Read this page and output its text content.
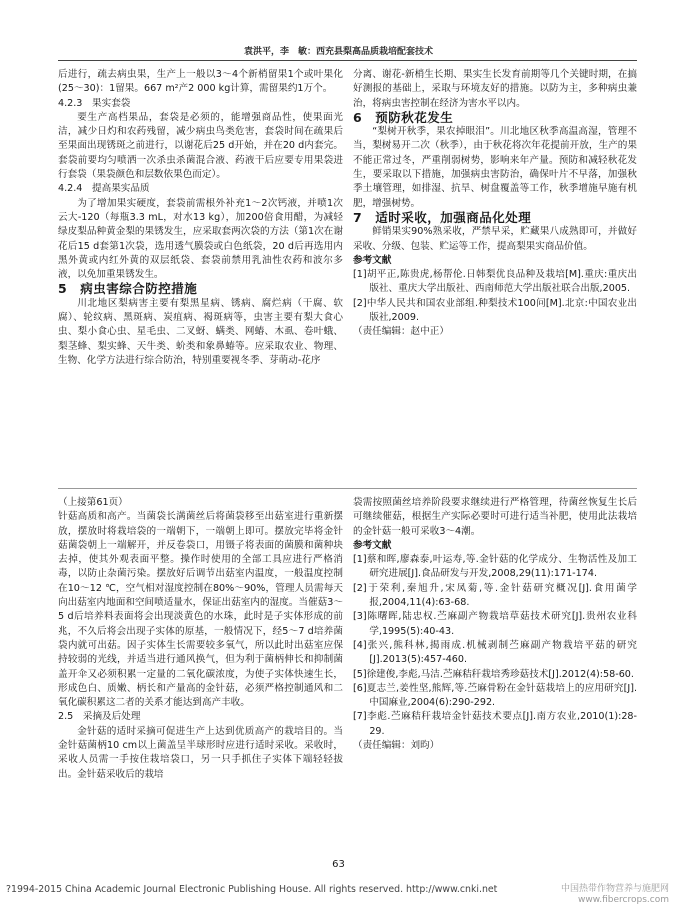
袁洪平，李　敏：西充县梨高品质栽培配套技术

后进行，疏去病虫果，生产上一般以3～4个新梢留果1个或叶果化(25～30)：1留果。667 m²产2 000 kg计算，需留果约1万个。

4.2.3　果实套袋

要生产高档果品，套袋是必须的，能增强商品性，使果面光洁，减少日灼和农药残留，减少病虫鸟类危害，套袋时间在疏果后至果面出现锈斑之前进行，以谢花后25 d开始，并在20 d内套完。套袋前要均匀喷洒一次杀虫杀菌混合液、药液干后应要专用果袋进行套袋（果袋颜色和层数依果色而定）。

4.2.4　提高果实品质

为了增加果实硬度，套袋前需根外补充1～2次钙液，并喷1次云大-120（每瓶3.3 mL，对水13 kg），加200倍食用醋，为减轻绿皮梨品种黄金梨的果锈发生，应采取套两次袋的方法（第1次在谢花后15 d套第1次袋，选用透气膜袋或白色纸袋，20 d后再选用内黑外黄或内红外黄的双层纸袋、套袋前禁用乳油性农药和波尔多液，以免加重果锈发生。

5　病虫害综合防控措施

川北地区梨病害主要有梨黑星病、锈病、腐烂病（干腐、软腐）、轮纹病、黑斑病、炭疽病、褐斑病等，虫害主要有梨大食心虫、梨小食心虫、星毛虫、二叉蚜、螨类、网蝽、木虱、卷叶蛾、梨茎蜂、梨实蜂、天牛类、蚧类和象鼻蝽等。应采取农业、物理、生物、化学方法进行综合防治，特别重要视冬季、芽萌动-花序

分离、谢花-新梢生长期、果实生长发育前期等几个关键时期，在搞好测报的基础上，采取与环境友好的措施。以防为主，多种病虫兼治，将病虫害控制在经济为害水平以内。

6　预防秋花发生

“梨树开秋季，果农掉眼泪”。川北地区秋季高温高湿，管理不当，梨树易开二次（秋季），由于秋花将次年花提前开放，生产的果不能正常过冬，严重削弱树势，影响来年产量。预防和减轻秋花发生，要采取以下措施，加强病虫害防治，确保叶片不早落，加强秋季土壤管理，如排湿、抗旱、树盘覆盖等工作，秋季增施早施有机肥，增强树势。

7　适时采收，加强商品化处理

鲜销果实90%熟采收，严禁早采，贮藏果八成熟即可，并做好采收、分级、包装、贮运等工作，提高梨果实商品价值。

参考文献

[1]胡平正,陈贵虎,杨帮伦.日韩梨优良品种及栽培[M].重庆:重庆出版社、重庆大学出版社、西南师范大学出版社联合出版,2005.

[2]中华人民共和国农业部组.种梨技术100问[M].北京:中国农业出版社,2009.

（责任编辑：赵中正）

（上接第61页）

针菇高质和高产。当菌袋长满菌丝后将菌袋移至出菇室进行重新摆放，摆放时将栽培袋的一端朝下，一端朝上即可。摆放完毕将金针菇菌袋朝上一端解开，并反卷袋口，用镊子将表面的菌膜和菌种块去掉，使其外观表面平整。操作时使用的全部工具应进行严格消毒，以防止杂菌污染。摆放好后调节出菇室内温度，一般温度控制在10～12 ℃，空气相对湿度控制在80%～90%，管理人员需每天向出菇室内地面和空间喷适量水，保证出菇室内的湿度。当催菇3～5 d后培养料表面将会出现淡黄色的水珠，此时是子实体形成的前兆，不久后将会出现子实体的原基，一般情况下，经5～7 d培养菌袋内就可出菇。因子实体生长需要较多氧气，所以此时出菇室应保持较弱的光线，并适当进行通风换气，但为利于菌柄伸长和抑制菌盖开伞又必须积累一定量的二氧化碳浓度，为使子实体快速生长，形成色白、质嫩、柄长和产量高的金针菇，必须严格控制通风和二氧化碳积累这二者的关系才能达到高产丰收。

2.5　采摘及后处理

金针菇的适时采摘可促进生产上达到优质高产的栽培目的。当金针菇菌柄10 cm以上菌盖呈半球形时应进行适时采收。采收时，采收人员需一手按住栽培袋口，另一只手抓住子实体下端轻轻拔出。金针菇采收后的栽培

袋需按照菌丝培养阶段要求继续进行严格管理，待菌丝恢复生长后可继续催菇，根据生产实际必要时可进行适当补肥，使用此法栽培的金针菇一般可采收3～4潮。

参考文献

[1]蔡和晖,廖森泰,叶运寿,等.金针菇的化学成分、生物活性及加工研究进展[J].食品研发与开发,2008,29(11):171-174.

[2]于荣利,秦旭升,宋凤菊,等.金针菇研究概况[J].食用菌学报,2004,11(4):63-68.

[3]陈曙晖,陆忠权.苎麻副产物栽培草菇技术研究[J].贵州农业科学,1995(5):40-43.

[4]张兴,熊科林,揭雨成.机械剥制苎麻副产物栽培平菇的研究[J].2013(5):457-460.

[5]徐建俊,李彪,马洁.苎麻秸秆栽培秀珍菇技术[J].2012(4):58-60.

[6]夏志兰,姜性坚,熊辉,等.苎麻骨粉在金针菇栽培上的应用研究[J].中国麻业,2004(6):290-292.

[7]李彪.苎麻秸秆栽培金针菇技术要点[J].南方农业,2010(1):28-29.

（责任编辑：刘昀）

63
?1994-2015 China Academic Journal Electronic Publishing House. All rights reserved. http://www.cnki.net	中国热带作物营养与施肥网
www.fibercrops.com
